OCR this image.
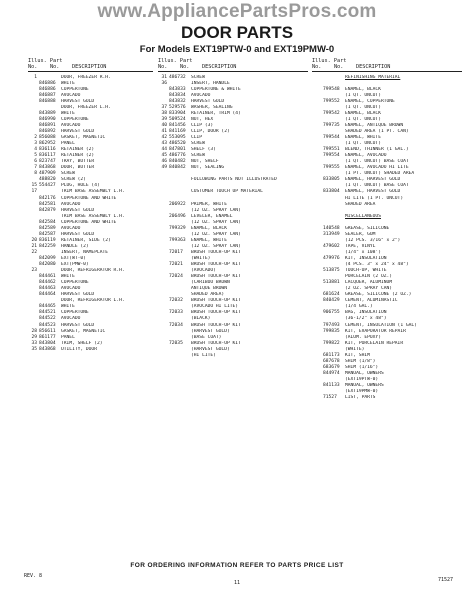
www.AppliancePartsPros.com
DOOR PARTS
For Models EXT19PTW-0 and EXT19PMW-0
Illus. Part
No.	No.	DESCRIPTION
1	DOOR, FREEZER R.H.
846886	WHITE
846886	COPPERTONE
846887	AVOCADO
846888	HARVEST GOLD
DOOR, FREEZER L.H.
843889	WHITE
846990	COPPERTONE
846891	AVOCADO
846892	HARVEST GOLD
2 856088	GASKET, MAGNETIC
3 862952	PANEL
4 836116	RETAINER (2)
5 836117	RETAINER (2)
6 823747	TRAY, BUTTER
7 843868	DOOR, BUTTER
8 487909	SCREW
488820	SCREW (2)
15 554427	PLUG, HOLE (4)
17	TRIM BASE ASSEMBLY L.H.
842176	COPPERTONE AND WHITE
842581	AVOCADO
842879	HARVEST GOLD
TRIM BASE ASSEMBLY L.H.
842584	COPPERTONE AND WHITE
842589	AVOCADO
842587	HARVEST GOLD
20 836119	RETAINER, SIDE (2)
21 842259	HANDLE (2)
22	INSERT, NAMEPLATE
842099	EXT(WT-0)
842080	EXT(PMW-0)
23	DOOR, REFRIGERATOR R.H.
844461	WHITE
844462	COPPERTONE
844463	AVOCADO
844464	HARVEST GOLD
DOOR, REFRIGERATOR L.H.
844465	WHITE
844521	COPPERTONE
844522	AVOCADO
844523	HARVEST GOLD
28 856611	GASKET, MAGNETIC
29 861177	PANEL
33 843804	TRIM, SHELF (2)
35 843868	UTILITY, DOOR
Illus. Part
No.	No.	DESCRIPTION
31 486732	SCREW
36	INSERT, HANDLE
843833	COPPERTONE & WHITE
843834	AVOCADO
843832	HARVEST GOLD
37 529576	WASHER, SEALING
38 833904	RETAINER, TRIM (4)
39 509524	NUT, HEX
40 841456	CLIP (3)
41 841169	CLIP, DOOR (2)
42 553095	CLIP
43 486520	SCREW
44 847801	SHELF (3)
45 486776	SCREW
46 840482	NUT, SHELF
49 840842	NUT, SEALING
FOLLOWING PARTS NOT ILLUSTRATED
CUSTOMER TOUCH UP MATERIAL
206922	PRIMER, WHITE
(12 OZ. SPRAY CAN)
206496	LEVELER, ENAMEL
(12 OZ. SPRAY CAN)
799329	ENAMEL, BLACK
(12 OZ. SPRAY CAN)
799363	ENAMEL, WHITE
(12 OZ. SPRAY CAN)
72017	BRUSH TOUCH-UP KIT
(WHITE)
72021	BRUSH TOUCH-UP KIT
(AVOCADO)
72024	BRUSH TOUCH-UP KIT
(CARIBOU BROWN
ANTIQUE BROWN
SHADED AREA)
72032	BRUSH TOUCH-UP KIT
(AVOCADO HI LITE)
72033	BRUSH TOUCH-UP KIT
(BLACK)
72034	BRUSH TOUCH-UP KIT
(HARVEST GOLD)
(BASE COAT)
72035	BRUSH TOUCH-UP KIT
(HARVEST GOLD)
(HI LITE)
Illus. Part
No.	No.	DESCRIPTION
REFINISHING MATERIAL
799548	ENAMEL, BLACK
(1 QT. UNCUT)
799552	ENAMEL, COPPERTONE
(1 QT. UNCUT)
799542	ENAMEL, BLACK
(1 QT. UNCUT)
799735	ENAMEL, ANTIQUE BROWN
SHADED AREA (1 PT. CAN)
799544	ENAMEL, WHITE
(1 QT. UNCUT)
799551	BLEND, THINNER (1 GAL.)
799554	ENAMEL, AVOCADO
(1 QT. UNCUT) BASE COAT
799555	ENAMEL, AVOCADO HI LITE
(1 PT. UNCUT) SHADED AREA
833805	ENAMEL, HARVEST GOLD
(1 QT. UNCUT) BASE COAT
833804	ENAMEL, HARVEST GOLD
HI LITE (1 PT. UNCUT)
SHADED AREA
MISCELLANEOUS
140548	GREASE, SILICONE
313949	SEALER, GUM
(12 PCS. 3/16" x 2")
479602	TAPE, VINYL
(1/4" x 108')
479976	KIT, INSULATION
(4 PCS. 3" x 24" x 48")
513875	TOUCH-UP, WHITE
PORCELAIN (2 OZ.)
513881	LACQUER, ALUMINUM
(2 OZ. SPRAY CAN)
681624	GREASE, SILICONE (2 OZ.)
840429	CEMENT, ALUMINASTIC
(1/4 GAL.)
906755	BAG, INSULATION
(36-1/2" x 48")
797493	CEMENT, INSULATION (1 GAL)
799835	KIT, EVAPORATOR REPAIR
(ALUM. EPOXY)
799822	KIT, PORCELAIN REPAIR
(WHITE)
681173	KIT, SHIM
687678	SHIM (1/8")
683679	SHIM (1/16")
844974	MANUAL, OWNERS
(EXT19PTW-0)
841133	MANUAL, OWNERS
(EXT19PMW-0)
71527	LIST, PARTS
FOR ORDERING INFORMATION REFER TO PARTS PRICE LIST
REV. 8
11	71527
